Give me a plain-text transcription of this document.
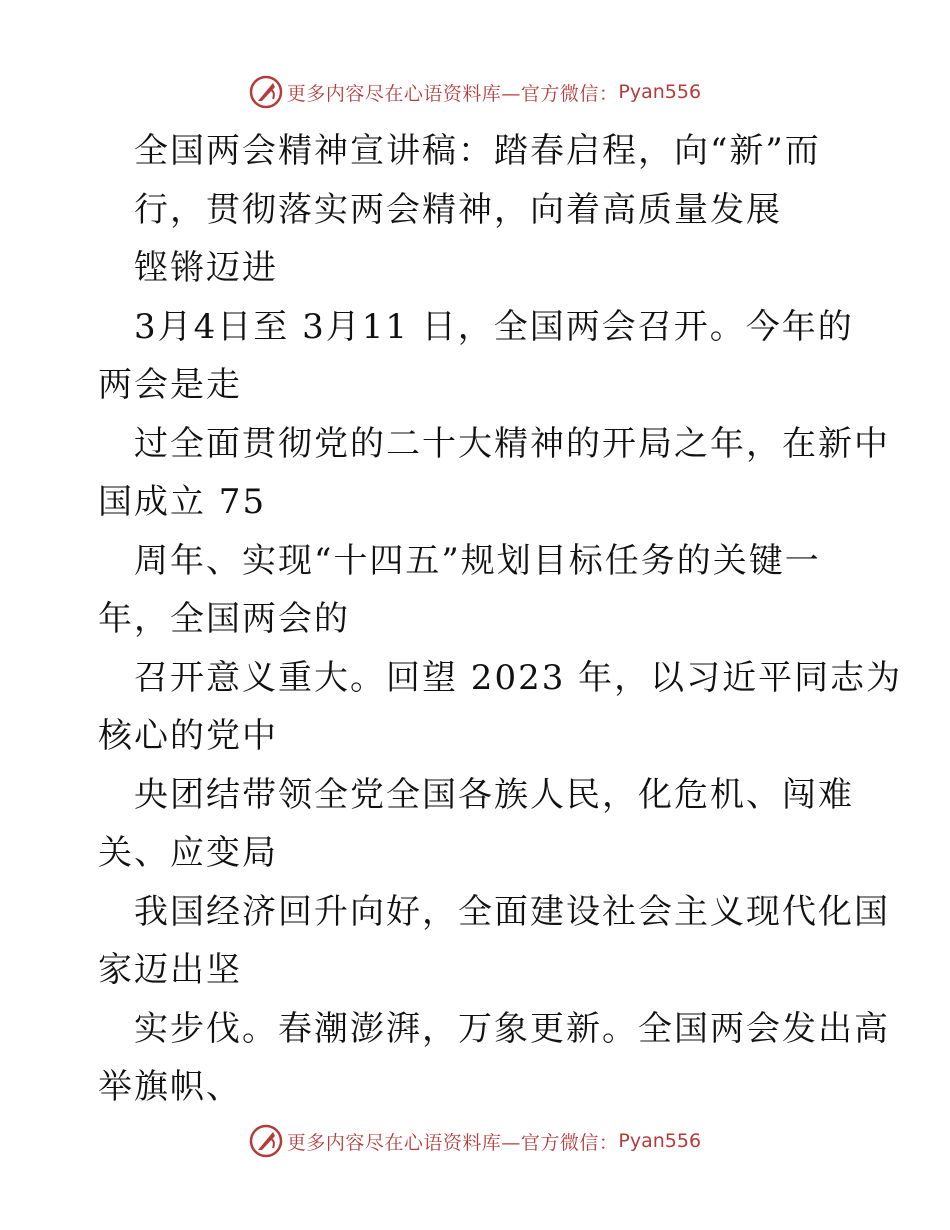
更多内容尽在心语资料库—官方微信： Pyan556
全国两会精神宣讲稿：踏春启程，向“新”而
行，贯彻落实两会精神，向着高质量发展
铿锵迈进
3月4日至 3月11 日，全国两会召开。今年的
两会是走
过全面贯彻党的二十大精神的开局之年，在新中
国成立 75
周年、实现“十四五”规划目标任务的关键一
年，全国两会的
召开意义重大。回望 2023 年，以习近平同志为
核心的党中
央团结带领全党全国各族人民，化危机、闯难
关、应变局
我国经济回升向好，全面建设社会主义现代化国
家迈出坚
实步伐。春潮澎湃，万象更新。全国两会发出高
举旗帜、
更多内容尽在心语资料库—官方微信： Pyan556
